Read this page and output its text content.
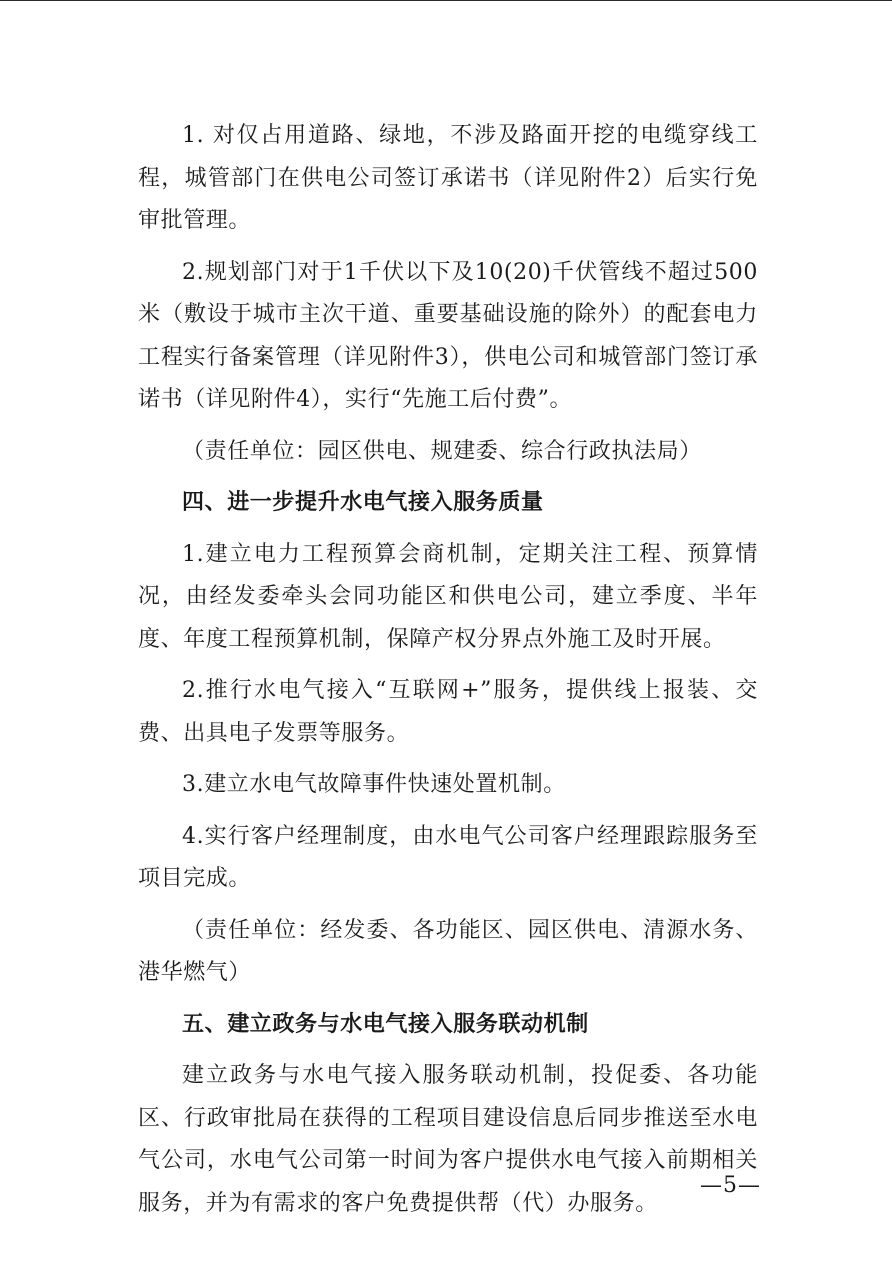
1. 对仅占用道路、绿地，不涉及路面开挖的电缆穿线工程，城管部门在供电公司签订承诺书（详见附件2）后实行免审批管理。

2.规划部门对于1千伏以下及10(20)千伏管线不超过500米（敷设于城市主次干道、重要基础设施的除外）的配套电力工程实行备案管理（详见附件3），供电公司和城管部门签订承诺书（详见附件4），实行“先施工后付费”。

（责任单位：园区供电、规建委、综合行政执法局）

四、进一步提升水电气接入服务质量

1.建立电力工程预算会商机制，定期关注工程、预算情况，由经发委牵头会同功能区和供电公司，建立季度、半年度、年度工程预算机制，保障产权分界点外施工及时开展。

2.推行水电气接入“互联网+”服务，提供线上报装、交费、出具电子发票等服务。

3.建立水电气故障事件快速处置机制。

4.实行客户经理制度，由水电气公司客户经理跟踪服务至项目完成。

（责任单位：经发委、各功能区、园区供电、清源水务、港华燃气）

五、建立政务与水电气接入服务联动机制

建立政务与水电气接入服务联动机制，投促委、各功能区、行政审批局在获得的工程项目建设信息后同步推送至水电气公司，水电气公司第一时间为客户提供水电气接入前期相关服务，并为有需求的客户免费提供帮（代）办服务。

—5—
